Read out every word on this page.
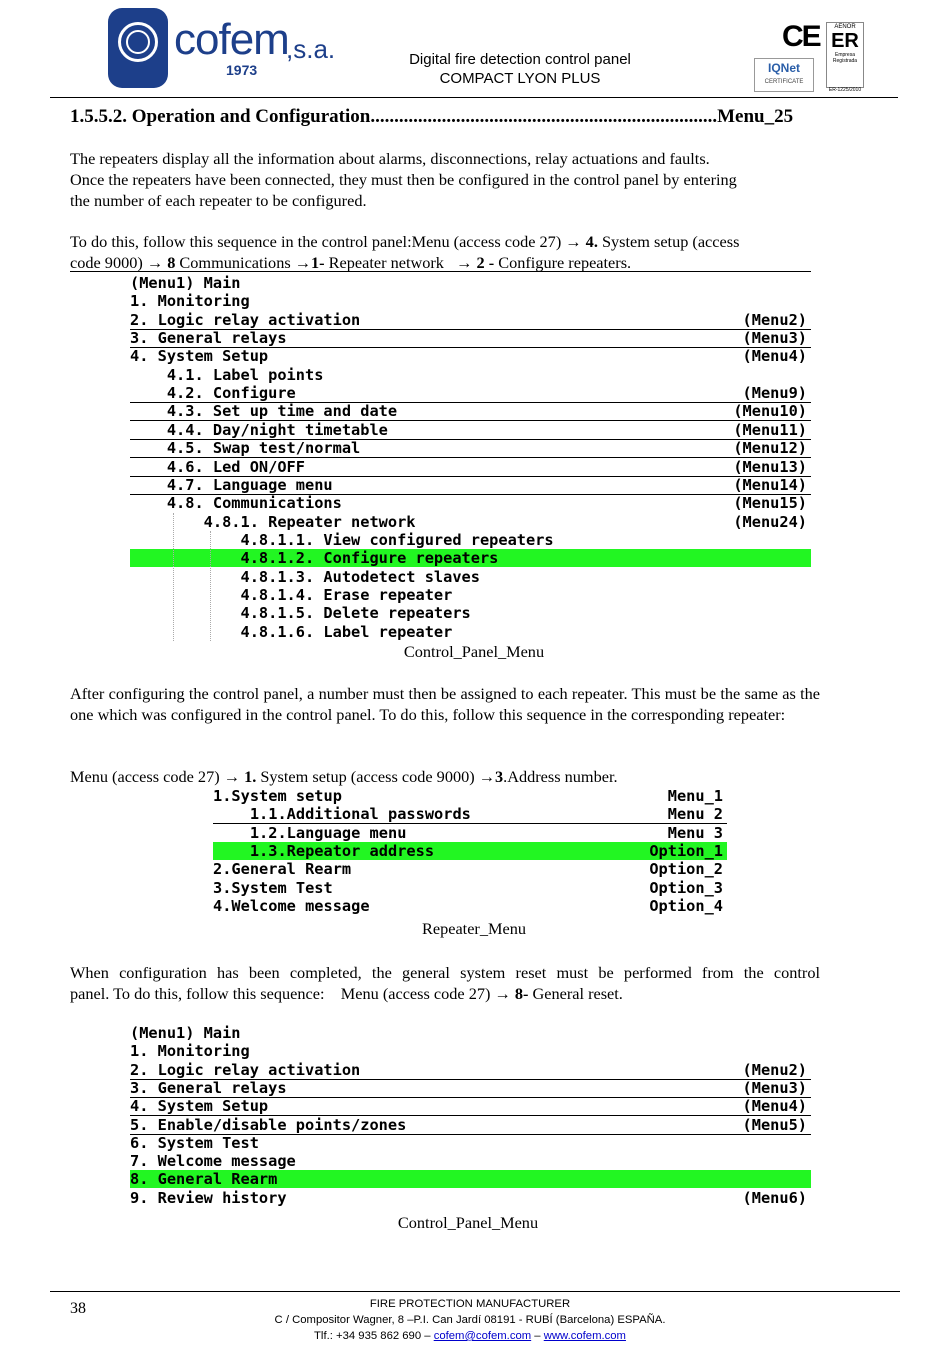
cofem
,s.a.
1973
Digital fire detection control panel
COMPACT LYON PLUS
CE
IQNet
CERTIFICATE
AENOR
ER
Empresa Registrada
ER-1225/2010
1.5.5.2. Operation and Configuration.........................................................................Menu_25
The repeaters display all the information about alarms, disconnections, relay actuations and faults.
Once the repeaters have been connected, they must then be configured in the control panel by entering
the number of each repeater to be configured.
To do this, follow this sequence in the control panel:Menu (access code 27) → 4. System setup (access
code 9000) → 8 Communications →1- Repeater network   → 2 - Configure repeaters.
(Menu1) Main
1. Monitoring
2. Logic relay activation	(Menu2)
3. General relays	(Menu3)
4. System Setup	(Menu4)
4.1. Label points
4.2. Configure	(Menu9)
4.3. Set up time and date	(Menu10)
4.4. Day/night timetable	(Menu11)
4.5. Swap test/normal	(Menu12)
4.6. Led ON/OFF	(Menu13)
4.7. Language menu	(Menu14)
4.8. Communications	(Menu15)
4.8.1. Repeater network	(Menu24)
4.8.1.1. View configured repeaters
4.8.1.2. Configure repeaters
4.8.1.3. Autodetect slaves
4.8.1.4. Erase repeater
4.8.1.5. Delete repeaters
4.8.1.6. Label repeater
Control_Panel_Menu
After configuring the control panel, a number must then be assigned to each repeater. This must be the same as the one which was configured in the control panel. To do this, follow this sequence in the corresponding repeater:
Menu (access code 27) → 1. System setup (access code 9000) →3.Address number.
1.System setup	Menu_1
1.1.Additional passwords	Menu 2
1.2.Language menu	Menu 3
1.3.Repeator address	Option_1
2.General Rearm	Option_2
3.System Test	Option_3
4.Welcome message	Option_4
Repeater_Menu
When configuration has been completed, the general system reset must be performed from the control
panel. To do this, follow this sequence:    Menu (access code 27) → 8- General reset.
(Menu1) Main
1. Monitoring
2. Logic relay activation	(Menu2)
3. General relays	(Menu3)
4. System Setup	(Menu4)
5. Enable/disable points/zones	(Menu5)
6. System Test
7. Welcome message
8. General Rearm
9. Review history	(Menu6)
Control_Panel_Menu
38	FIRE PROTECTION MANUFACTURER
C / Compositor Wagner, 8 –P.I. Can Jardí 08191 - RUBÍ (Barcelona) ESPAÑA.
Tlf.: +34 935 862 690 – cofem@cofem.com – www.cofem.com
